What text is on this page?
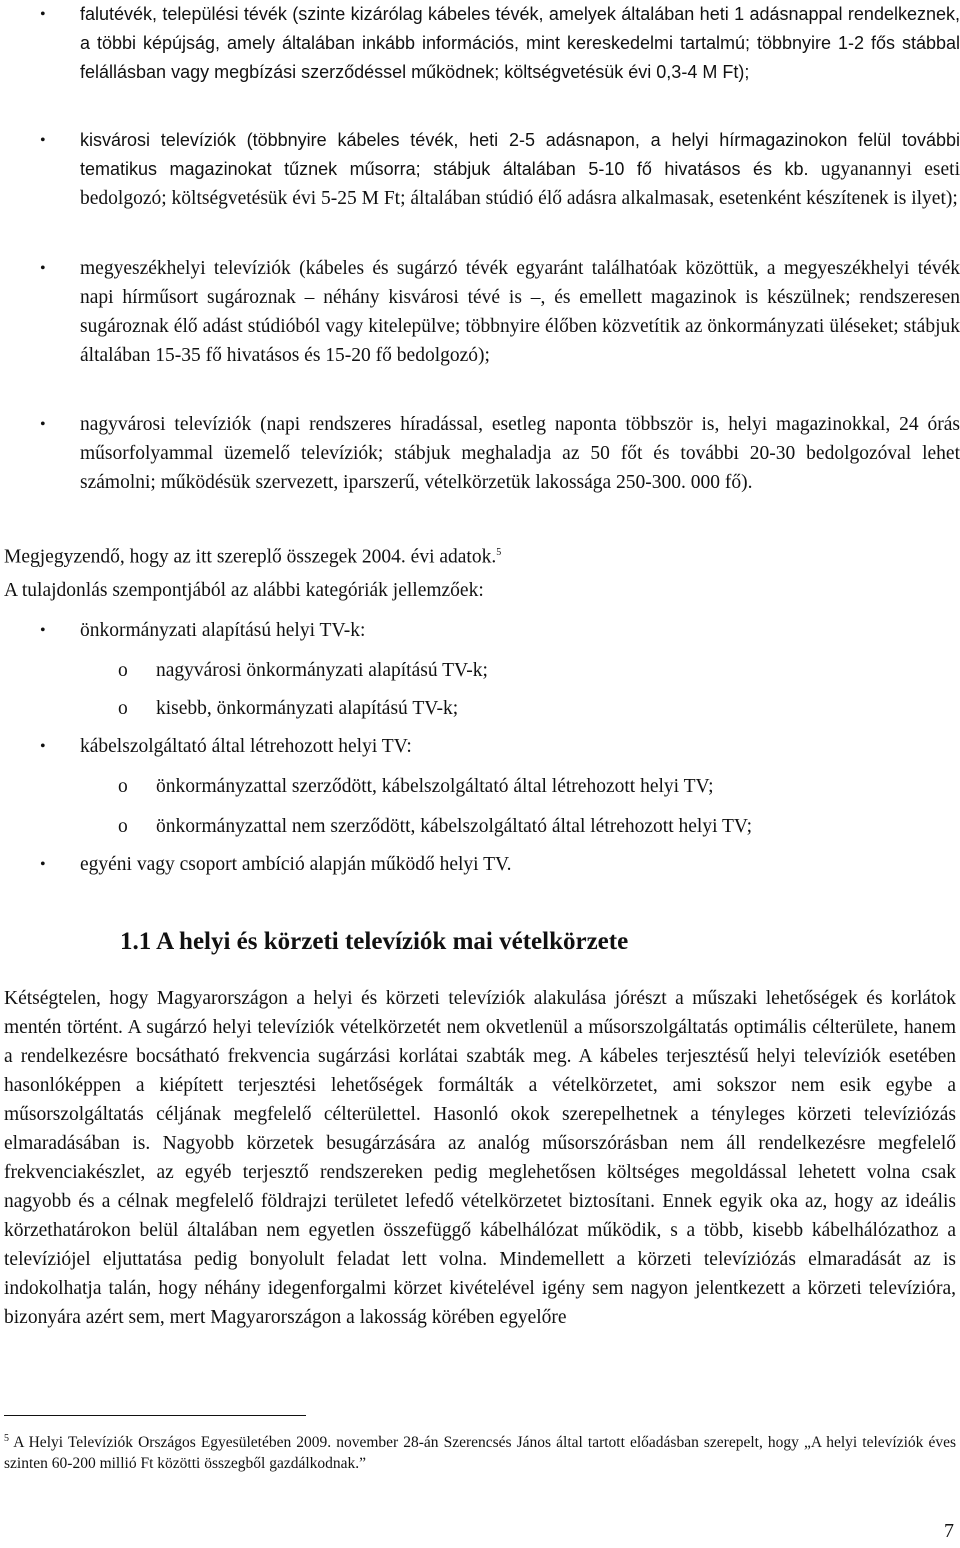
• falutévék, települési tévék (szinte kizárólag kábeles tévék, amelyek általában heti 1 adásnappal rendelkeznek, a többi képújság, amely általában inkább információs, mint kereskedelmi tartalmú; többnyire 1-2 fős stábbal felállásban vagy megbízási szerződéssel működnek; költségvetésük évi 0,3-4 M Ft);
• kisvárosi televíziók (többnyire kábeles tévék, heti 2-5 adásnapon, a helyi hírmagazinokon felül további tematikus magazinokat tűznek műsorra; stábjuk általában 5-10 fő hivatásos és kb. ugyanannyi eseti bedolgozó; költségvetésük évi 5-25 M Ft; általában stúdió élő adásra alkalmasak, esetenként készítenek is ilyet);
• megyeszékhelyi televíziók (kábeles és sugárzó tévék egyaránt találhatóak közöttük, a megyeszékhelyi tévék napi hírműsort sugároznak – néhány kisvárosi tévé is –, és emellett magazinok is készülnek; rendszeresen sugároznak élő adást stúdióból vagy kitelepülve; többnyire élőben közvetítik az önkormányzati üléseket; stábjuk általában 15-35 fő hivatásos és 15-20 fő bedolgozó);
• nagyvárosi televíziók (napi rendszeres híradással, esetleg naponta többször is, helyi magazinokkal, 24 órás műsorfolyammal üzemelő televíziók; stábjuk meghaladja az 50 főt és további 20-30 bedolgozóval lehet számolni; működésük szervezett, iparszerű, vételkörzetük lakossága 250-300. 000 fő).
Megjegyzendő, hogy az itt szereplő összegek 2004. évi adatok.$^5$
A tulajdonlás szempontjából az alábbi kategóriák jellemzőek:
• önkormányzati alapítású helyi TV-k:
o nagyvárosi önkormányzati alapítású TV-k;
o kisebb, önkormányzati alapítású TV-k;
• kábelszolgáltató által létrehozott helyi TV:
o önkormányzattal szerződött, kábelszolgáltató által létrehozott helyi TV;
o önkormányzattal nem szerződött, kábelszolgáltató által létrehozott helyi TV;
• egyéni vagy csoport ambíció alapján működő helyi TV.
1.1 A helyi és körzeti televíziók mai vételkörzete
Kétségtelen, hogy Magyarországon a helyi és körzeti televíziók alakulása jórészt a műszaki lehetőségek és korlátok mentén történt. A sugárzó helyi televíziók vételkörzetét nem okvetlenül a műsorszolgáltatás optimális célterülete, hanem a rendelkezésre bocsátható frekvencia sugárzási korlátai szabták meg. A kábeles terjesztésű helyi televíziók esetében hasonlóképpen a kiépített terjesztési lehetőségek formálták a vételkörzetet, ami sokszor nem esik egybe a műsorszolgáltatás céljának megfelelő célterülettel. Hasonló okok szerepelhetnek a tényleges körzeti televíziózás elmaradásában is. Nagyobb körzetek besugárzására az analóg műsorszórásban nem áll rendelkezésre megfelelő frekvenciakészlet, az egyéb terjesztő rendszereken pedig meglehetősen költséges megoldással lehetett volna csak nagyobb és a célnak megfelelő földrajzi területet lefedő vételkörzetet biztosítani. Ennek egyik oka az, hogy az ideális körzethatárokon belül általában nem egyetlen összefüggő kábelhálózat működik, s a több, kisebb kábelhálózathoz a televíziójel eljuttatása pedig bonyolult feladat lett volna. Mindemellett a körzeti televíziózás elmaradását az is indokolhatja talán, hogy néhány idegenforgalmi körzet kivételével igény sem nagyon jelentkezett a körzeti televízióra, bizonyára azért sem, mert Magyarországon a lakosság körében egyelőre
$^5$ A Helyi Televíziók Országos Egyesületében 2009. november 28-án Szerencsés János által tartott előadásban szerepelt, hogy „A helyi televíziók éves szinten 60-200 millió Ft közötti összegből gazdálkodnak.”
7
